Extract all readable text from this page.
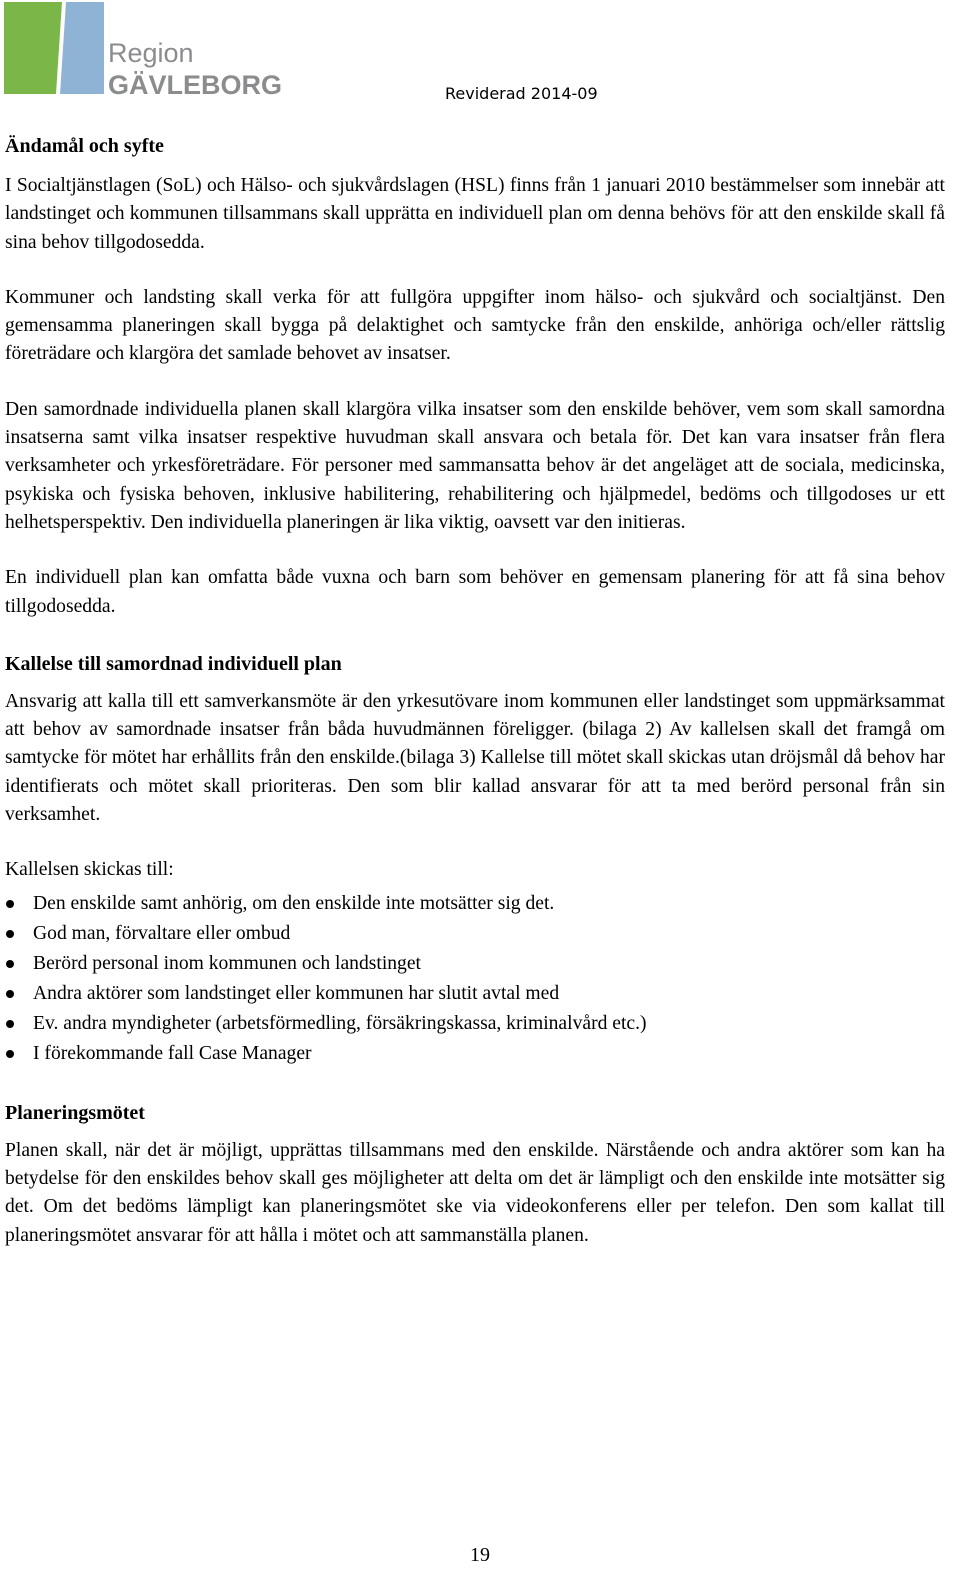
Region
GÄVLEBORG	Reviderad 2014-09
Ändamål och syfte

I Socialtjänstlagen (SoL) och Hälso- och sjukvårdslagen (HSL) finns från 1 januari 2010 bestämmelser som innebär att landstinget och kommunen tillsammans skall upprätta en individuell plan om denna behövs för att den enskilde skall få sina behov tillgodosedda.

Kommuner och landsting skall verka för att fullgöra uppgifter inom hälso- och sjukvård och socialtjänst. Den gemensamma planeringen skall bygga på delaktighet och samtycke från den enskilde, anhöriga och/eller rättslig företrädare och klargöra det samlade behovet av insatser.

Den samordnade individuella planen skall klargöra vilka insatser som den enskilde behöver, vem som skall samordna insatserna samt vilka insatser respektive huvudman skall ansvara och betala för. Det kan vara insatser från flera verksamheter och yrkesföreträdare. För personer med sammansatta behov är det angeläget att de sociala, medicinska, psykiska och fysiska behoven, inklusive habilitering, rehabilitering och hjälpmedel, bedöms och tillgodoses ur ett helhetsperspektiv. Den individuella planeringen är lika viktig, oavsett var den initieras.

En individuell plan kan omfatta både vuxna och barn som behöver en gemensam planering för att få sina behov tillgodosedda.

Kallelse till samordnad individuell plan

Ansvarig att kalla till ett samverkansmöte är den yrkesutövare inom kommunen eller landstinget som uppmärksammat att behov av samordnade insatser från båda huvudmännen föreligger. (bilaga 2) Av kallelsen skall det framgå om samtycke för mötet har erhållits från den enskilde.(bilaga 3) Kallelse till mötet skall skickas utan dröjsmål då behov har identifierats och mötet skall prioriteras. Den som blir kallad ansvarar för att ta med berörd personal från sin verksamhet.

Kallelsen skickas till:

Den enskilde samt anhörig, om den enskilde inte motsätter sig det.
God man, förvaltare eller ombud
Berörd personal inom kommunen och landstinget
Andra aktörer som landstinget eller kommunen har slutit avtal med
Ev. andra myndigheter (arbetsförmedling, försäkringskassa, kriminalvård etc.)
I förekommande fall Case Manager
Planeringsmötet

Planen skall, när det är möjligt, upprättas tillsammans med den enskilde. Närstående och andra aktörer som kan ha betydelse för den enskildes behov skall ges möjligheter att delta om det är lämpligt och den enskilde inte motsätter sig det. Om det bedöms lämpligt kan planeringsmötet ske via videokonferens eller per telefon. Den som kallat till planeringsmötet ansvarar för att hålla i mötet och att sammanställa planen.

19
